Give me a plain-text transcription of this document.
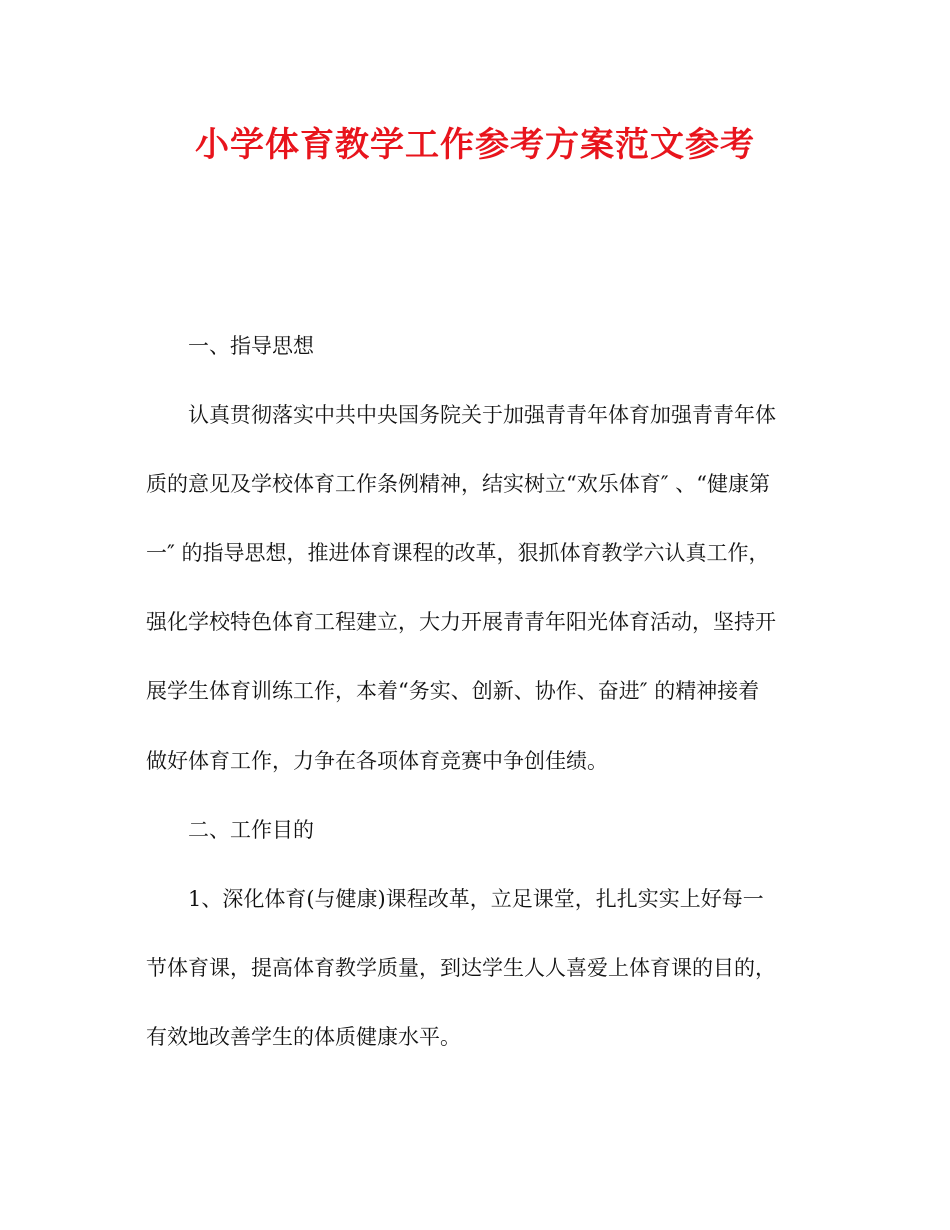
小学体育教学工作参考方案范文参考
一、指导思想
认真贯彻落实中共中央国务院关于加强青青年体育加强青青年体
质的意见及学校体育工作条例精神，结实树立“欢乐体育″ 、“健康第
一″ 的指导思想，推进体育课程的改革，狠抓体育教学六认真工作，
强化学校特色体育工程建立，大力开展青青年阳光体育活动，坚持开
展学生体育训练工作，本着“务实、创新、协作、奋进″ 的精神接着
做好体育工作，力争在各项体育竞赛中争创佳绩。
二、工作目的
1、深化体育(与健康)课程改革，立足课堂，扎扎实实上好每一
节体育课，提高体育教学质量，到达学生人人喜爱上体育课的目的，
有效地改善学生的体质健康水平。
